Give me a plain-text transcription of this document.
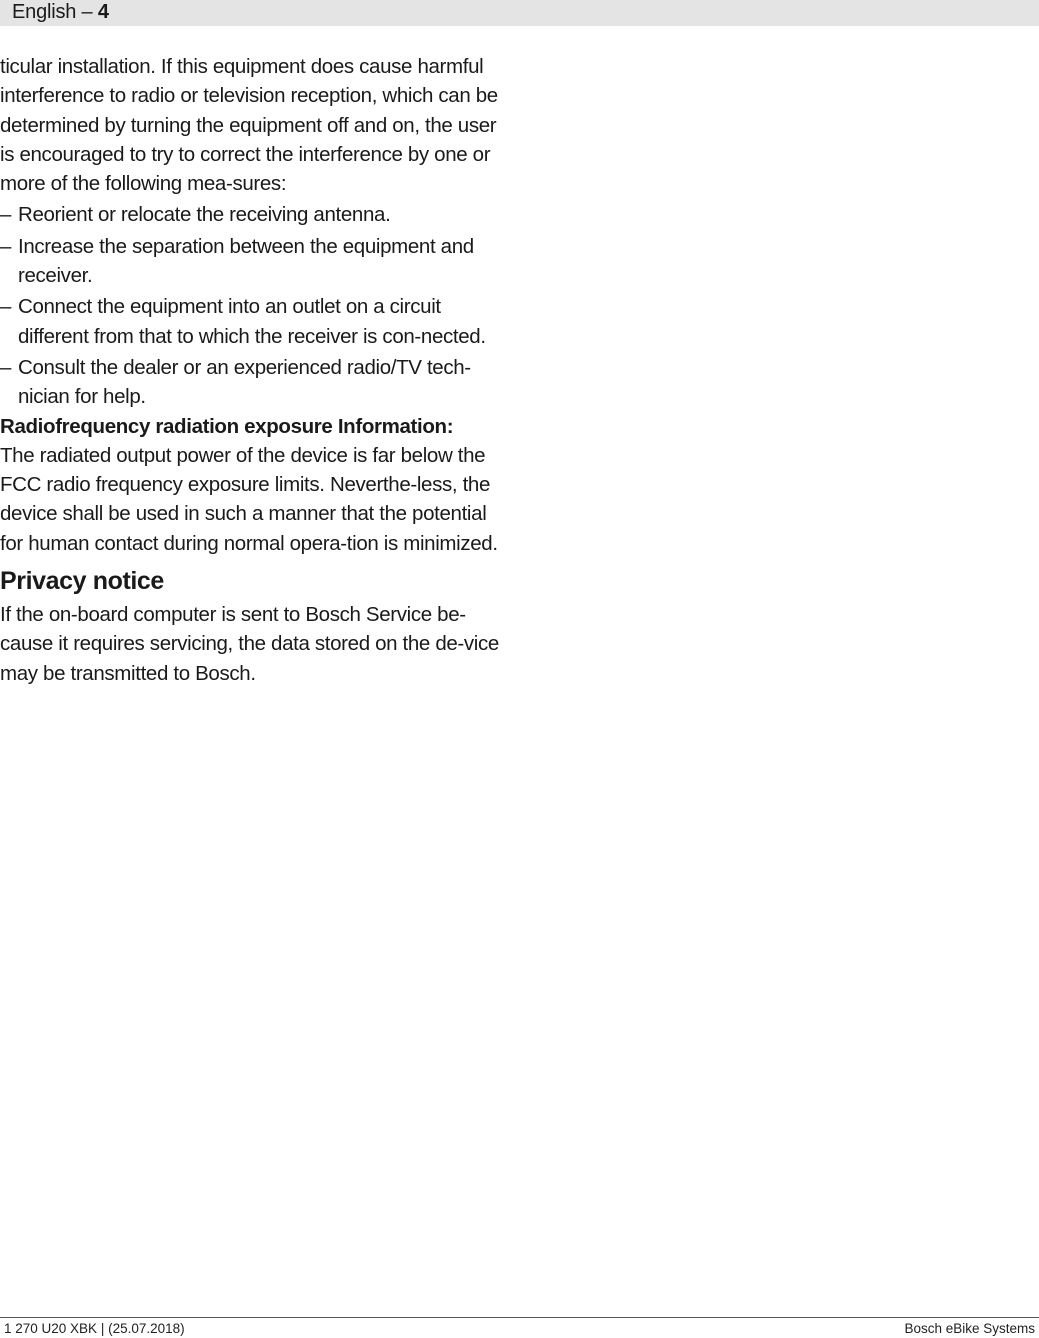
English – 4

ticular installation. If this equipment does cause harmful interference to radio or television reception, which can be determined by turning the equipment off and on, the user is encouraged to try to correct the interference by one or more of the following mea-sures:

– Reorient or relocate the receiving antenna.
– Increase the separation between the equipment and receiver.
– Connect the equipment into an outlet on a circuit different from that to which the receiver is con-nected.
– Consult the dealer or an experienced radio/TV tech-nician for help.

Radiofrequency radiation exposure Information:

The radiated output power of the device is far below the FCC radio frequency exposure limits. Neverthe-less, the device shall be used in such a manner that the potential for human contact during normal opera-tion is minimized.

Privacy notice

If the on-board computer is sent to Bosch Service be-cause it requires servicing, the data stored on the de-vice may be transmitted to Bosch.

1 270 U20 XBK | (25.07.2018)	Bosch eBike Systems
